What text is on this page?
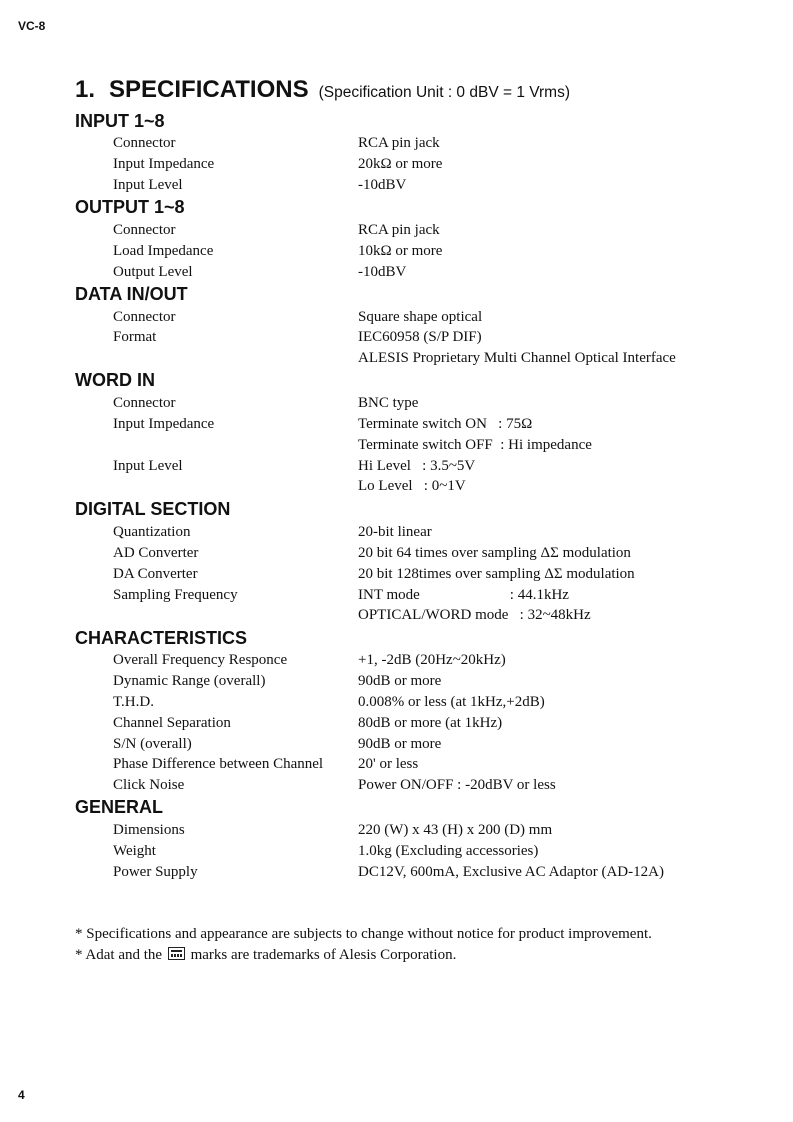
VC-8
1. SPECIFICATIONS (Specification Unit : 0 dBV = 1 Vrms)
INPUT 1~8
Connector	RCA pin jack
Input Impedance	20kΩ or more
Input Level	-10dBV
OUTPUT 1~8
Connector	RCA pin jack
Load Impedance	10kΩ or more
Output Level	-10dBV
DATA IN/OUT
Connector	Square shape optical
Format	IEC60958 (S/P DIF)
ALESIS Proprietary Multi Channel Optical Interface
WORD IN
Connector	BNC type
Input Impedance	Terminate switch ON   : 75Ω
Terminate switch OFF  : Hi impedance
Input Level	Hi Level   : 3.5~5V
Lo Level   : 0~1V
DIGITAL SECTION
Quantization	20-bit linear
AD Converter	20 bit 64 times over sampling ΔΣ modulation
DA Converter	20 bit 128times over sampling ΔΣ modulation
Sampling Frequency	INT mode                        : 44.1kHz
OPTICAL/WORD mode   : 32~48kHz
CHARACTERISTICS
Overall Frequency Responce	+1, -2dB (20Hz~20kHz)
Dynamic Range (overall)	90dB or more
T.H.D.	0.008% or less (at 1kHz,+2dB)
Channel Separation	80dB or more (at 1kHz)
S/N (overall)	90dB or more
Phase Difference between Channel 20' or less
Click Noise	Power ON/OFF : -20dBV or less
GENERAL
Dimensions	220 (W) x 43 (H) x 200 (D) mm
Weight	1.0kg (Excluding accessories)
Power Supply	DC12V, 600mA, Exclusive AC Adaptor (AD-12A)
* Specifications and appearance are subjects to change without notice for product improvement.
* Adat and the  marks are trademarks of Alesis Corporation.
4
